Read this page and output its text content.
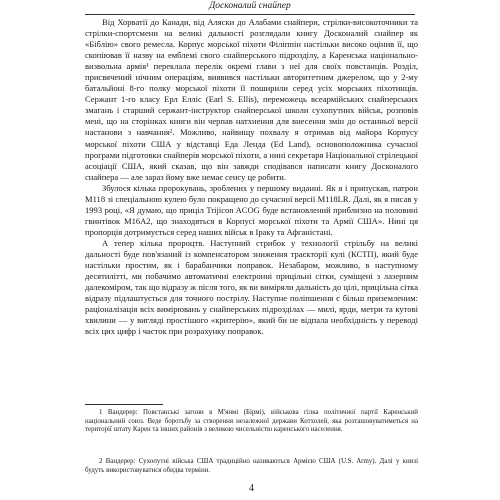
Досконалий снайпер

Від Хорватії до Канади, від Аляски до Алабами снайпери, стрілки-високоточники та стрілки-спортсмени на великі дальності розглядали книгу Досконалий снайпер як «Біблію» свого ремесла. Корпус морської піхоти Філіппін настільки високо оцінив її, що скопіював її назву на емблемі свого снайперського підрозділу, а Каренська національно-визвольна армія¹ переклала перелік окремі глави з неї для своїх повстанців. Розділ, присвячений нічним операціям, виявився настільки авторитетним джерелом, що у 2-му батальйоні 8-го полку морської піхоти її поширили серед усіх морських піхотинців. Сержант 1-го класу Ерл Елліс (Earl S. Ellis), переможець всеармійських снайперських змагань і старший сержант-інструктор снайперської школи сухопутних військ, розповів мені, що на сторінках книги він черпав натхнення для внесення змін до останньої версії настанови з навчання². Можливо, найвищу похвалу я отримав від майора Корпусу морської піхоти США у відставці Еда Ленда (Ed Land), основоположника сучасної програми підготовки снайперів морської піхоти, а нині секретаря Національної стрілецької асоціації США, який сказав, що він завжди сподівався написати книгу Досконалого снайпера — але зараз йому вже немає сенсу це робити.

Збулося кілька пророкувань, зроблених у першому виданні. Як я і припускав, патрон M118 зі спеціальною кулею було покращено до сучасної версії M118LR. Далі, як я писав у 1993 році, «Я думаю, що приціл Trijicon ACOG буде встановлений приблизно на половині гвинтівок M16A2, що знаходяться в Корпусі морської піхоти та Армії США». Нині ця пропорція дотримується серед наших військ в Іраку та Афганістані.

А тепер кілька пророцтв. Наступний стрибок у технології стрільбу на великі дальності буде пов'язаний із компенсатором зниження траєкторії кулі (КСТП), який буде настільки простим, як і барабанчики поправок. Незабаром, можливо, в наступному десятилітті, ми побачимо автоматичні електронні прицільні сітки, суміщені з лазерним далекоміром, так що відразу ж після того, як ви виміряли дальність до цілі, прицільна сітка відразу підлаштується для точного пострілу. Наступне поліпшення є більш приземленим: раціоналізація всіх вимірювань у снайперських підрозділах — милі, ярди, метри та кутові хвилини — у вигляді простішого «критерію», який би не відпала необхідність у переводі всіх цих цифр і часток при розрахунку поправок.

1 Вандерер: Повстанські загони в М'янмі (Бірмі), військова гілка політичної партії Каренський національний союз. Веде боротьбу за створення незалежної держави Котхолей, яка розташовуватиметься на території штату Карен та інших районів з великою чисельністю каренського населення.

2 Вандерер: Сухопутні війська США традиційно називаються Армією США (U.S. Army). Далі у книзі будуть використовуватися обидва терміни.

4
